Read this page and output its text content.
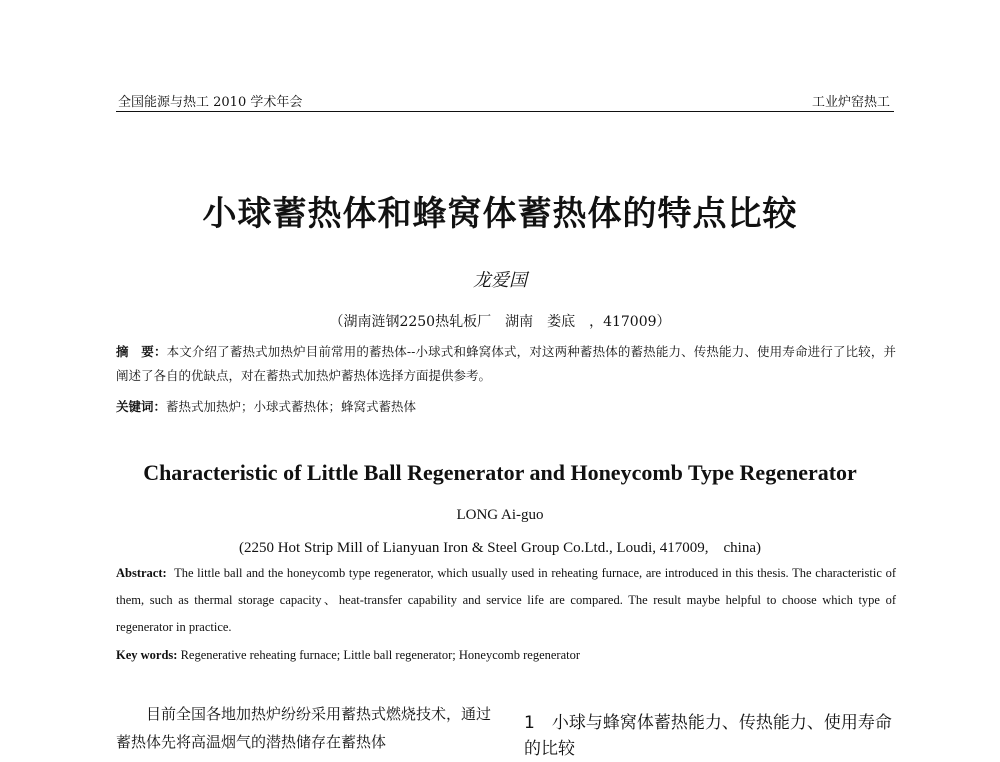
全国能源与热工 2010 学术年会	工业炉窑热工
小球蓄热体和蜂窝体蓄热体的特点比较
龙爱国
（湖南涟钢2250热轧板厂　湖南　娄底　，417009）
摘　要：本文介绍了蓄热式加热炉目前常用的蓄热体--小球式和蜂窝体式，对这两种蓄热体的蓄热能力、传热能力、使用寿命进行了比较，并阐述了各自的优缺点，对在蓄热式加热炉蓄热体选择方面提供参考。
关键词：蓄热式加热炉；小球式蓄热体；蜂窝式蓄热体
Characteristic of Little Ball Regenerator and Honeycomb Type Regenerator
LONG Ai-guo
(2250 Hot Strip Mill of Lianyuan Iron & Steel Group Co.Ltd., Loudi, 417009,　china)
Abstract: The little ball and the honeycomb type regenerator, which usually used in reheating furnace, are introduced in this thesis. The characteristic of them, such as thermal storage capacity、heat-transfer capability and service life are compared. The result maybe helpful to choose which type of regenerator in practice.
Key words: Regenerative reheating furnace; Little ball regenerator; Honeycomb regenerator
目前全国各地加热炉纷纷采用蓄热式燃烧技术，通过蓄热体先将高温烟气的潜热储存在蓄热体
1　小球与蜂窝体蓄热能力、传热能力、使用寿命的比较
